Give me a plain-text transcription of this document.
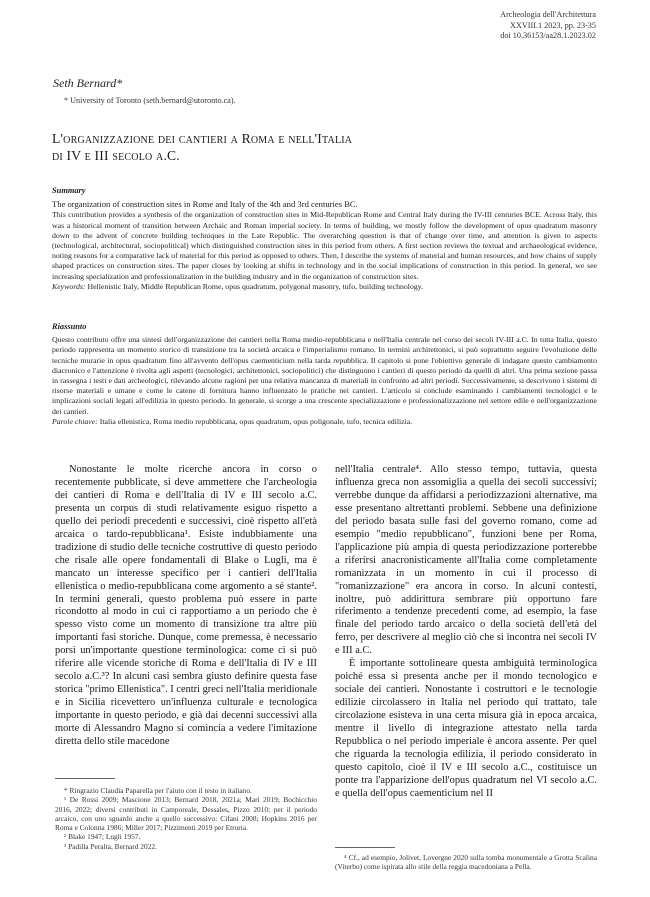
Archeologia dell'Architettura
XXVIII.1 2023, pp. 23-35
doi 10.36153/aa28.1.2023.02
Seth Bernard*
* University of Toronto (seth.bernard@utoronto.ca).
L'organizzazione dei cantieri a Roma e nell'Italia
di IV e III secolo a.C.
Summary
The organization of construction sites in Rome and Italy of the 4th and 3rd centuries BC.
This contribution provides a synthesis of the organization of construction sites in Mid-Republican Rome and Central Italy during the IV-III centuries BCE. Across Italy, this was a historical moment of transition between Archaic and Roman imperial society. In terms of building, we mostly follow the development of opus quadratum masonry down to the advent of concrete building techniques in the Late Republic. The overarching question is that of change over time, and attention is given to aspects (technological, architectural, sociopolitical) which distinguished construction sites in this period from others. A first section reviews the textual and archaeological evidence, noting reasons for a comparative lack of material for this period as opposed to others. Then, I describe the systems of material and human resources, and how chains of supply shaped practices on construction sites. The paper closes by looking at shifts in technology and in the social implications of construction in this period. In general, we see increasing specialization and professionalization in the building industry and in the organization of construction sites.
Keywords: Hellenistic Italy, Middle Republican Rome, opus quadratum, polygonal masonry, tufo, building technology.
Riassunto
Questo contributo offre una sintesi dell'organizzazione dei cantieri nella Roma medio-repubblicana e nell'Italia centrale nel corso dei secoli IV-III a.C. In tutta Italia, questo periodo rappresenta un momento storico di transizione tra la società arcaica e l'imperialismo romano. In termini architettonici, si può soprattutto seguire l'evoluzione delle tecniche murarie in opus quadratum fino all'avvento dell'opus caementicium nella tarda repubblica. Il capitolo si pone l'obiettivo generale di indagare questo cambiamento diacronico e l'attenzione è rivolta agli aspetti (tecnologici, architettonici, sociopolitici) che distinguono i cantieri di questo periodo da quelli di altri. Una prima sezione passa in rassegna i testi e dati archeologici, rilevando alcune ragioni per una relativa mancanza di materiali in confronto ad altri periodi. Successivamente, si descrivono i sistemi di risorse materiali e umane e come le catene di fornitura hanno influenzato le pratiche nei cantieri. L'articolo si conclude esaminando i cambiamenti tecnologici e le implicazioni sociali legati all'edilizia in questo periodo. In generale, si scorge a una crescente specializzazione e professionalizzazione nel settore edile e nell'organizzazione dei cantieri.
Parole chiave: Italia ellenistica, Roma medio repubblicana, opus quadratum, opus poligonale, tufo, tecnica edilizia.

Nonostante le molte ricerche ancora in corso o recentemente pubblicate, si deve ammettere che l'archeologia dei cantieri di Roma e dell'Italia di IV e III secolo a.C. presenta un corpus di studi relativamente esiguo rispetto a quello dei periodi precedenti e successivi, cioè rispetto all'età arcaica o tardo-repubblicana¹. Esiste indubbiamente una tradizione di studio delle tecniche costruttive di questo periodo che risale alle opere fondamentali di Blake o Lugli, ma è mancato un interesse specifico per i cantieri dell'Italia ellenistica o medio-repubblicana come argomento a sé stante². In termini generali, questo problema può essere in parte ricondotto al modo in cui ci rapportiamo a un periodo che è spesso visto come un momento di transizione tra altre più importanti fasi storiche. Dunque, come premessa, è necessario porsi un'importante questione terminologica: come ci si può riferire alle vicende storiche di Roma e dell'Italia di IV e III secolo a.C.³? In alcuni casi sembra giusto definire questa fase storica "primo Ellenistica". I centri greci nell'Italia meridionale e in Sicilia ricevettero un'influenza culturale e tecnologica importante in questo periodo, e già dai decenni successivi alla morte di Alessandro Magno si comincia a vedere l'imitazione diretta dello stile macedone

nell'Italia centrale⁴. Allo stesso tempo, tuttavia, questa influenza greca non assomiglia a quella dei secoli successivi; verrebbe dunque da affidarsi a periodizzazioni alternative, ma esse presentano altrettanti problemi. Sebbene una definizione del periodo basata sulle fasi del governo romano, come ad esempio "medio repubblicano", funzioni bene per Roma, l'applicazione più ampia di questa periodizzazione porterebbe a riferirsi anacronisticamente all'Italia come completamente romanizzata in un momento in cui il processo di "romanizzazione" era ancora in corso. In alcuni contesti, inoltre, può addirittura sembrare più opportuno fare riferimento a tendenze precedenti come, ad esempio, la fase finale del periodo tardo arcaico o della società dell'età del ferro, per descrivere al meglio ciò che si incontra nei secoli IV e III a.C.

È importante sottolineare questa ambiguità terminologica poiché essa si presenta anche per il mondo tecnologico e sociale dei cantieri. Nonostante i costruttori e le tecnologie edilizie circolassero in Italia nel periodo qui trattato, tale circolazione esisteva in una certa misura già in epoca arcaica, mentre il livello di integrazione attestato nella tarda Repubblica o nel periodo imperiale è ancora assente. Per quel che riguarda la tecnologia edilizia, il periodo considerato in questo capitolo, cioè il IV e III secolo a.C., costituisce un ponte tra l'apparizione dell'opus quadratum nel VI secolo a.C. e quella dell'opus caementicium nel II

* Ringrazio Claudia Paparella per l'aiuto con il testo in italiano.

¹ De Rossi 2009; Mascione 2013; Bernard 2018, 2021a; Mari 2019; Bochicchio 2016, 2022; diversi contributi in Camporeale, Dessales, Pizzo 2010; per il periodo arcaico, con uno sguardo anche a quello successivo: Cifani 2008; Hopkins 2016 per Roma e Colonna 1986; Miller 2017; Pizzimenti 2019 per Etruria.

² Blake 1947; Lugli 1957.

³ Padilla Peralta, Bernard 2022.

⁴ Cf., ad esempio, Jolivet, Lovergne 2020 sulla tomba monumentale a Grotta Scalina (Viterbo) come ispirata allo stile della reggia macedoniana a Pella.
